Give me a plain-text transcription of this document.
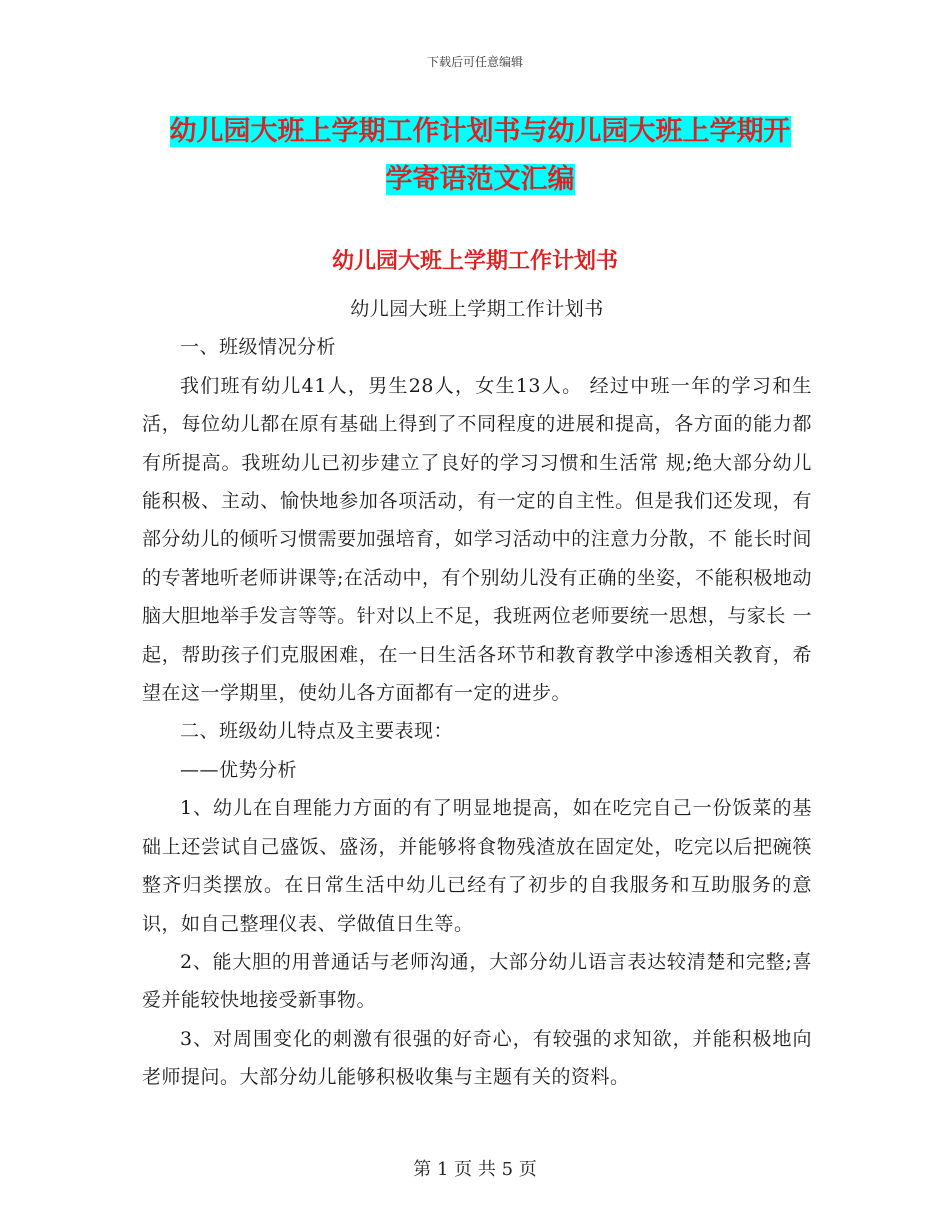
下载后可任意编辑
幼儿园大班上学期工作计划书与幼儿园大班上学期开
学寄语范文汇编
幼儿园大班上学期工作计划书

幼儿园大班上学期工作计划书

一、班级情况分析

我们班有幼儿41人，男生28人，女生13人。 经过中班一年的学习和生活，每位幼儿都在原有基础上得到了不同程度的进展和提高，各方面的能力都有所提高。我班幼儿已初步建立了良好的学习习惯和生活常 规;绝大部分幼儿能积极、主动、愉快地参加各项活动，有一定的自主性。但是我们还发现，有部分幼儿的倾听习惯需要加强培育，如学习活动中的注意力分散，不 能长时间的专著地听老师讲课等;在活动中，有个别幼儿没有正确的坐姿，不能积极地动脑大胆地举手发言等等。针对以上不足，我班两位老师要统一思想，与家长 一起，帮助孩子们克服困难，在一日生活各环节和教育教学中渗透相关教育，希望在这一学期里，使幼儿各方面都有一定的进步。

二、班级幼儿特点及主要表现：

——优势分析

1、幼儿在自理能力方面的有了明显地提高，如在吃完自己一份饭菜的基础上还尝试自己盛饭、盛汤，并能够将食物残渣放在固定处，吃完以后把碗筷整齐归类摆放。在日常生活中幼儿已经有了初步的自我服务和互助服务的意识，如自己整理仪表、学做值日生等。

2、能大胆的用普通话与老师沟通，大部分幼儿语言表达较清楚和完整;喜爱并能较快地接受新事物。

3、对周围变化的刺激有很强的好奇心，有较强的求知欲，并能积极地向老师提问。大部分幼儿能够积极收集与主题有关的资料。

第 1 页 共 5 页
